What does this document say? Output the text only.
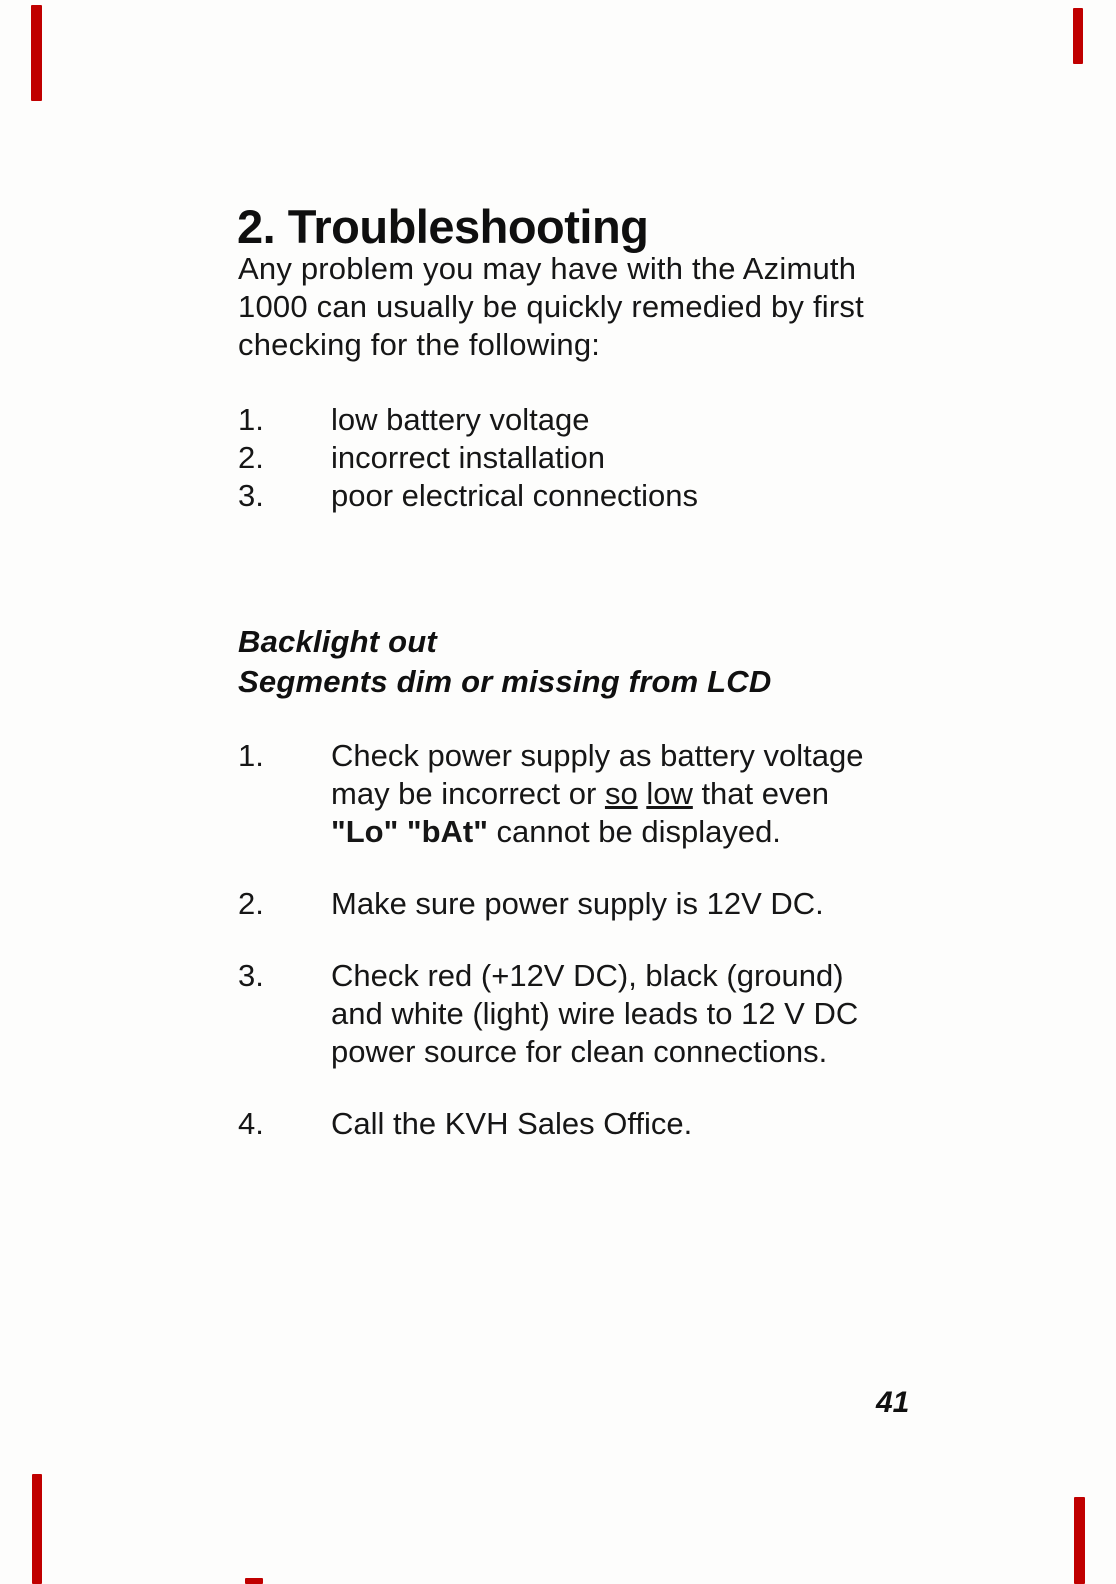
2. Troubleshooting
Any problem you may have with the Azimuth
1000 can usually be quickly remedied by first
checking for the following:
1.	low battery voltage
2.	incorrect installation
3.	poor electrical connections
Backlight out
Segments dim or missing from LCD
1.	Check power supply as battery voltage
may be incorrect or so low that even
"Lo" "bAt" cannot be displayed.
2.	Make sure power supply is 12V DC.
3.	Check red (+12V DC), black (ground)
and white (light) wire leads to 12 V DC
power source for clean connections.
4.	Call the KVH Sales Office.
41
